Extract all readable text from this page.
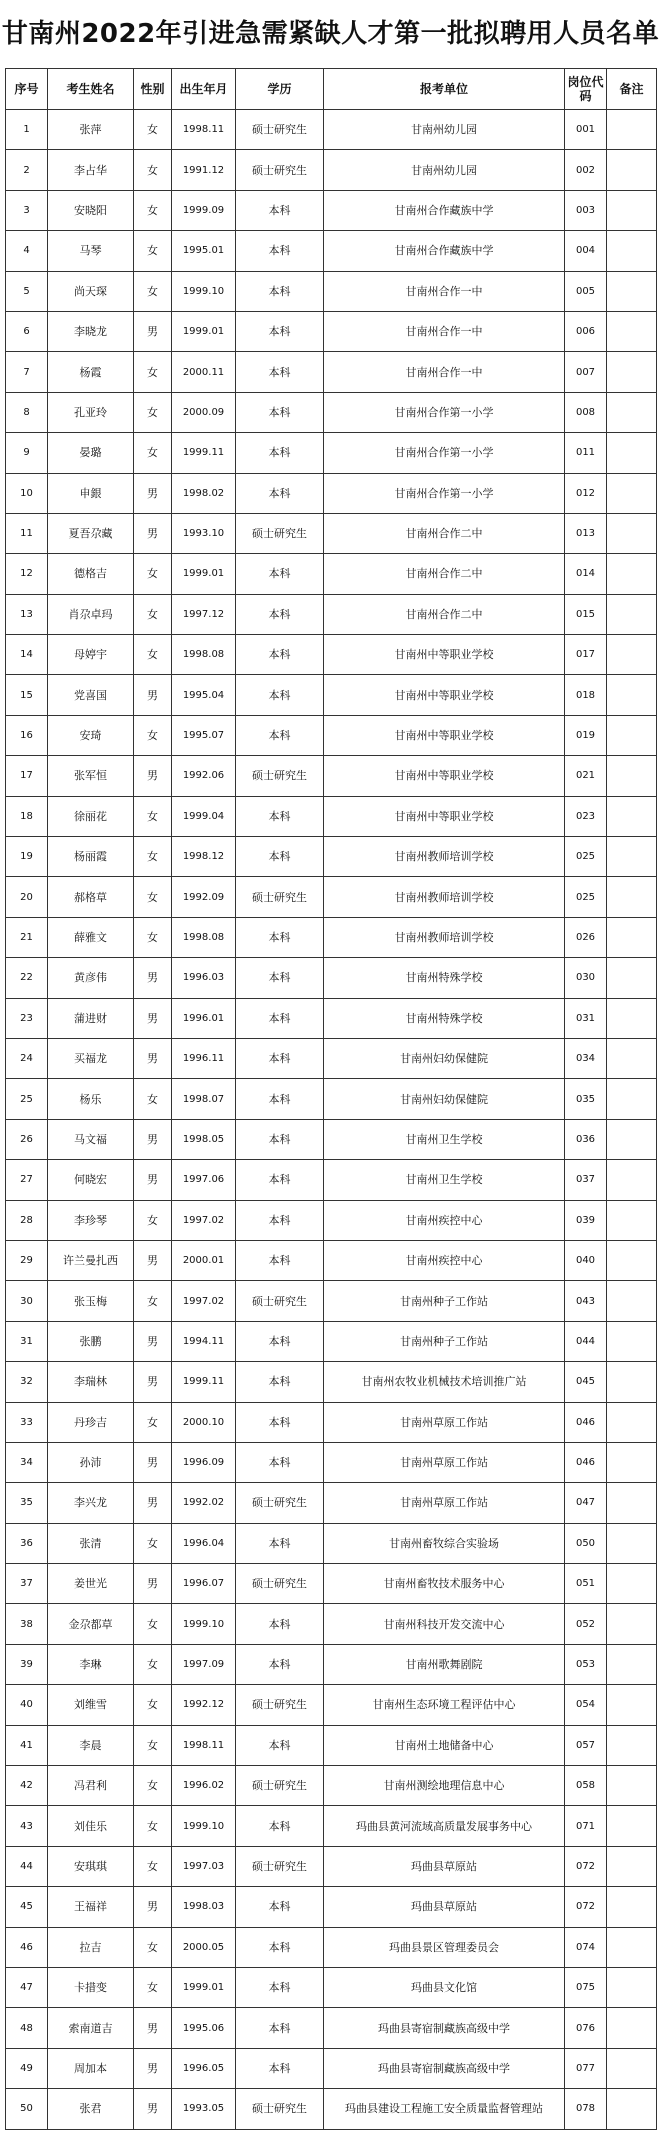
甘南州2022年引进急需紧缺人才第一批拟聘用人员名单
序号	考生姓名	性别	出生年月	学历	报考单位	岗位代码	备注
1	张萍	女	1998.11	硕士研究生	甘南州幼儿园	001	
2	李占华	女	1991.12	硕士研究生	甘南州幼儿园	002	
3	安晓阳	女	1999.09	本科	甘南州合作藏族中学	003	
4	马琴	女	1995.01	本科	甘南州合作藏族中学	004	
5	尚天琛	女	1999.10	本科	甘南州合作一中	005	
6	李晓龙	男	1999.01	本科	甘南州合作一中	006	
7	杨霞	女	2000.11	本科	甘南州合作一中	007	
8	孔亚玲	女	2000.09	本科	甘南州合作第一小学	008	
9	晏璐	女	1999.11	本科	甘南州合作第一小学	011	
10	申銀	男	1998.02	本科	甘南州合作第一小学	012	
11	夏吾尕藏	男	1993.10	硕士研究生	甘南州合作二中	013	
12	德格吉	女	1999.01	本科	甘南州合作二中	014	
13	肖尕卓玛	女	1997.12	本科	甘南州合作二中	015	
14	母婷宇	女	1998.08	本科	甘南州中等职业学校	017	
15	党喜国	男	1995.04	本科	甘南州中等职业学校	018	
16	安琦	女	1995.07	本科	甘南州中等职业学校	019	
17	张军恒	男	1992.06	硕士研究生	甘南州中等职业学校	021	
18	徐丽花	女	1999.04	本科	甘南州中等职业学校	023	
19	杨丽霞	女	1998.12	本科	甘南州教师培训学校	025	
20	郝格草	女	1992.09	硕士研究生	甘南州教师培训学校	025	
21	薛雅文	女	1998.08	本科	甘南州教师培训学校	026	
22	黄彦伟	男	1996.03	本科	甘南州特殊学校	030	
23	蒲进财	男	1996.01	本科	甘南州特殊学校	031	
24	买福龙	男	1996.11	本科	甘南州妇幼保健院	034	
25	杨乐	女	1998.07	本科	甘南州妇幼保健院	035	
26	马文福	男	1998.05	本科	甘南州卫生学校	036	
27	何晓宏	男	1997.06	本科	甘南州卫生学校	037	
28	李珍琴	女	1997.02	本科	甘南州疾控中心	039	
29	许兰曼扎西	男	2000.01	本科	甘南州疾控中心	040	
30	张玉梅	女	1997.02	硕士研究生	甘南州种子工作站	043	
31	张鹏	男	1994.11	本科	甘南州种子工作站	044	
32	李瑞林	男	1999.11	本科	甘南州农牧业机械技术培训推广站	045	
33	丹珍吉	女	2000.10	本科	甘南州草原工作站	046	
34	孙沛	男	1996.09	本科	甘南州草原工作站	046	
35	李兴龙	男	1992.02	硕士研究生	甘南州草原工作站	047	
36	张清	女	1996.04	本科	甘南州畜牧综合实验场	050	
37	姜世光	男	1996.07	硕士研究生	甘南州畜牧技术服务中心	051	
38	金尕都草	女	1999.10	本科	甘南州科技开发交流中心	052	
39	李琳	女	1997.09	本科	甘南州歌舞剧院	053	
40	刘维雪	女	1992.12	硕士研究生	甘南州生态环境工程评估中心	054	
41	李晨	女	1998.11	本科	甘南州土地储备中心	057	
42	冯君利	女	1996.02	硕士研究生	甘南州测绘地理信息中心	058	
43	刘佳乐	女	1999.10	本科	玛曲县黄河流域高质量发展事务中心	071	
44	安琪琪	女	1997.03	硕士研究生	玛曲县草原站	072	
45	王福祥	男	1998.03	本科	玛曲县草原站	072	
46	拉吉	女	2000.05	本科	玛曲县景区管理委员会	074	
47	卡措变	女	1999.01	本科	玛曲县文化馆	075	
48	索南道吉	男	1995.06	本科	玛曲县寄宿制藏族高级中学	076	
49	周加本	男	1996.05	本科	玛曲县寄宿制藏族高级中学	077	
50	张君	男	1993.05	硕士研究生	玛曲县建设工程施工安全质量监督管理站	078	
